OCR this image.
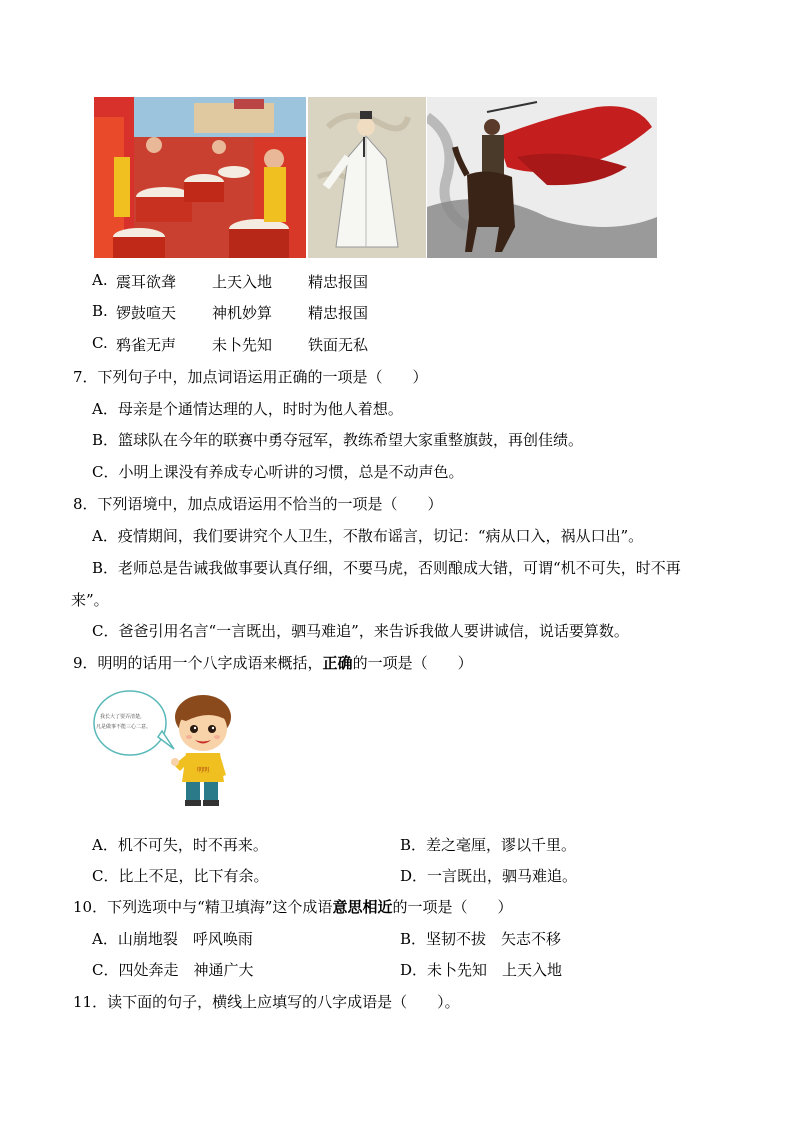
A. 震耳欲聋 上天入地 精忠报国
B. 锣鼓喧天 神机妙算 精忠报国
C. 鸦雀无声 未卜先知 铁面无私
7．下列句子中，加点词语运用正确的一项是（　　）
A．母亲是个通情达理的人，时时为他人着想。
B．篮球队在今年的联赛中勇夺冠军，教练希望大家重整旗鼓，再创佳绩。
C．小明上课没有养成专心听讲的习惯，总是不动声色。
8．下列语境中，加点成语运用不恰当的一项是（　　）
A．疫情期间，我们要讲究个人卫生，不散布谣言，切记：“病从口入，祸从口出”。
B．老师总是告诫我做事要认真仔细，不要马虎，否则酿成大错，可谓“机不可失，时不再
来”。
C．爸爸引用名言“一言既出，驷马难追”，来告诉我做人要讲诚信，说话要算数。
9．明明的话用一个八字成语来概括，正确的一项是（　　）
我长大了要弄清楚，
凡是做事不能三心二意。
明明
A．机不可失，时不再来。	B．差之毫厘，谬以千里。
C．比上不足，比下有余。	D．一言既出，驷马难追。
10．下列选项中与“精卫填海”这个成语意思相近的一项是（　　）
A．山崩地裂　呼风唤雨	B．坚韧不拔　矢志不移
C．四处奔走　神通广大	D．未卜先知　上天入地
11．读下面的句子，横线上应填写的八字成语是（　　）。
